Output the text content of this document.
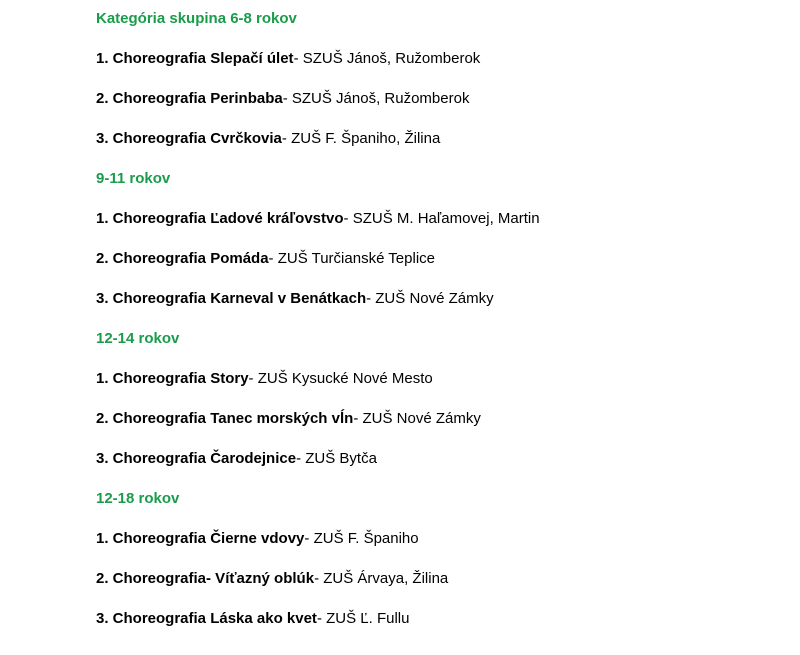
Kategória skupina 6-8 rokov
1. Choreografia Slepačí úlet- SZUŠ Jánoš, Ružomberok
2. Choreografia Perinbaba- SZUŠ Jánoš, Ružomberok
3. Choreografia Cvrčkovia- ZUŠ F. Španiho, Žilina
9-11 rokov
1. Choreografia Ľadové kráľovstvo- SZUŠ M. Haľamovej, Martin
2. Choreografia Pomáda- ZUŠ Turčianské Teplice
3. Choreografia Karneval v Benátkach- ZUŠ Nové Zámky
12-14 rokov
1. Choreografia Story- ZUŠ Kysucké Nové Mesto
2. Choreografia Tanec morských vĺn- ZUŠ Nové Zámky
3. Choreografia Čarodejnice- ZUŠ Bytča
12-18 rokov
1. Choreografia Čierne vdovy- ZUŠ F. Španiho
2. Choreografia- Víťazný oblúk- ZUŠ Árvaya, Žilina
3. Choreografia Láska ako kvet- ZUŠ Ľ. Fullu
